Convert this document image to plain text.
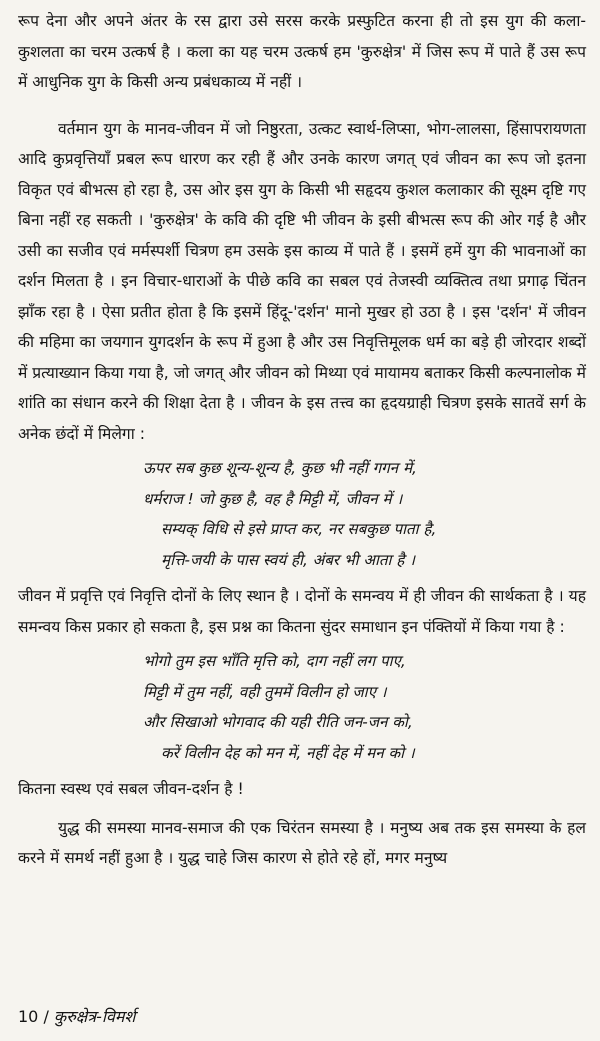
रूप देना और अपने अंतर के रस द्वारा उसे सरस करके प्रस्फुटित करना ही तो इस युग की कला-कुशलता का चरम उत्कर्ष है । कला का यह चरम उत्कर्ष हम 'कुरुक्षेत्र' में जिस रूप में पाते हैं उस रूप में आधुनिक युग के किसी अन्य प्रबंधकाव्य में नहीं ।

वर्तमान युग के मानव-जीवन में जो निष्ठुरता, उत्कट स्वार्थ-लिप्सा, भोग-लालसा, हिंसापरायणता आदि कुप्रवृत्तियाँ प्रबल रूप धारण कर रही हैं और उनके कारण जगत् एवं जीवन का रूप जो इतना विकृत एवं बीभत्स हो रहा है, उस ओर इस युग के किसी भी सहृदय कुशल कलाकार की सूक्ष्म दृष्टि गए बिना नहीं रह सकती । 'कुरुक्षेत्र' के कवि की दृष्टि भी जीवन के इसी बीभत्स रूप की ओर गई है और उसी का सजीव एवं मर्मस्पर्शी चित्रण हम उसके इस काव्य में पाते हैं । इसमें हमें युग की भावनाओं का दर्शन मिलता है । इन विचार-धाराओं के पीछे कवि का सबल एवं तेजस्वी व्यक्तित्व तथा प्रगाढ़ चिंतन झाँक रहा है । ऐसा प्रतीत होता है कि इसमें हिंदू-'दर्शन' मानो मुखर हो उठा है । इस 'दर्शन' में जीवन की महिमा का जयगान युगदर्शन के रूप में हुआ है और उस निवृत्तिमूलक धर्म का बड़े ही जोरदार शब्दों में प्रत्याख्यान किया गया है, जो जगत् और जीवन को मिथ्या एवं मायामय बताकर किसी कल्पनालोक में शांति का संधान करने की शिक्षा देता है । जीवन के इस तत्त्व का हृदयग्राही चित्रण इसके सातवें सर्ग के अनेक छंदों में मिलेगा :

ऊपर सब कुछ शून्य-शून्य है, कुछ भी नहीं गगन में,
धर्मराज ! जो कुछ है, वह है मिट्टी में, जीवन में ।
सम्यक् विधि से इसे प्राप्त कर, नर सबकुछ पाता है,
मृत्ति-जयी के पास स्वयं ही, अंबर भी आता है ।

जीवन में प्रवृत्ति एवं निवृत्ति दोनों के लिए स्थान है । दोनों के समन्वय में ही जीवन की सार्थकता है । यह समन्वय किस प्रकार हो सकता है, इस प्रश्न का कितना सुंदर समाधान इन पंक्तियों में किया गया है :

भोगो तुम इस भाँति मृत्ति को, दाग नहीं लग पाए,
मिट्टी में तुम नहीं, वही तुममें विलीन हो जाए ।
और सिखाओ भोगवाद की यही रीति जन-जन को,
करें विलीन देह को मन में, नहीं देह में मन को ।

कितना स्वस्थ एवं सबल जीवन-दर्शन है !

युद्ध की समस्या मानव-समाज की एक चिरंतन समस्या है । मनुष्य अब तक इस समस्या के हल करने में समर्थ नहीं हुआ है । युद्ध चाहे जिस कारण से होते रहे हों, मगर मनुष्य

10 / कुरुक्षेत्र-विमर्श
